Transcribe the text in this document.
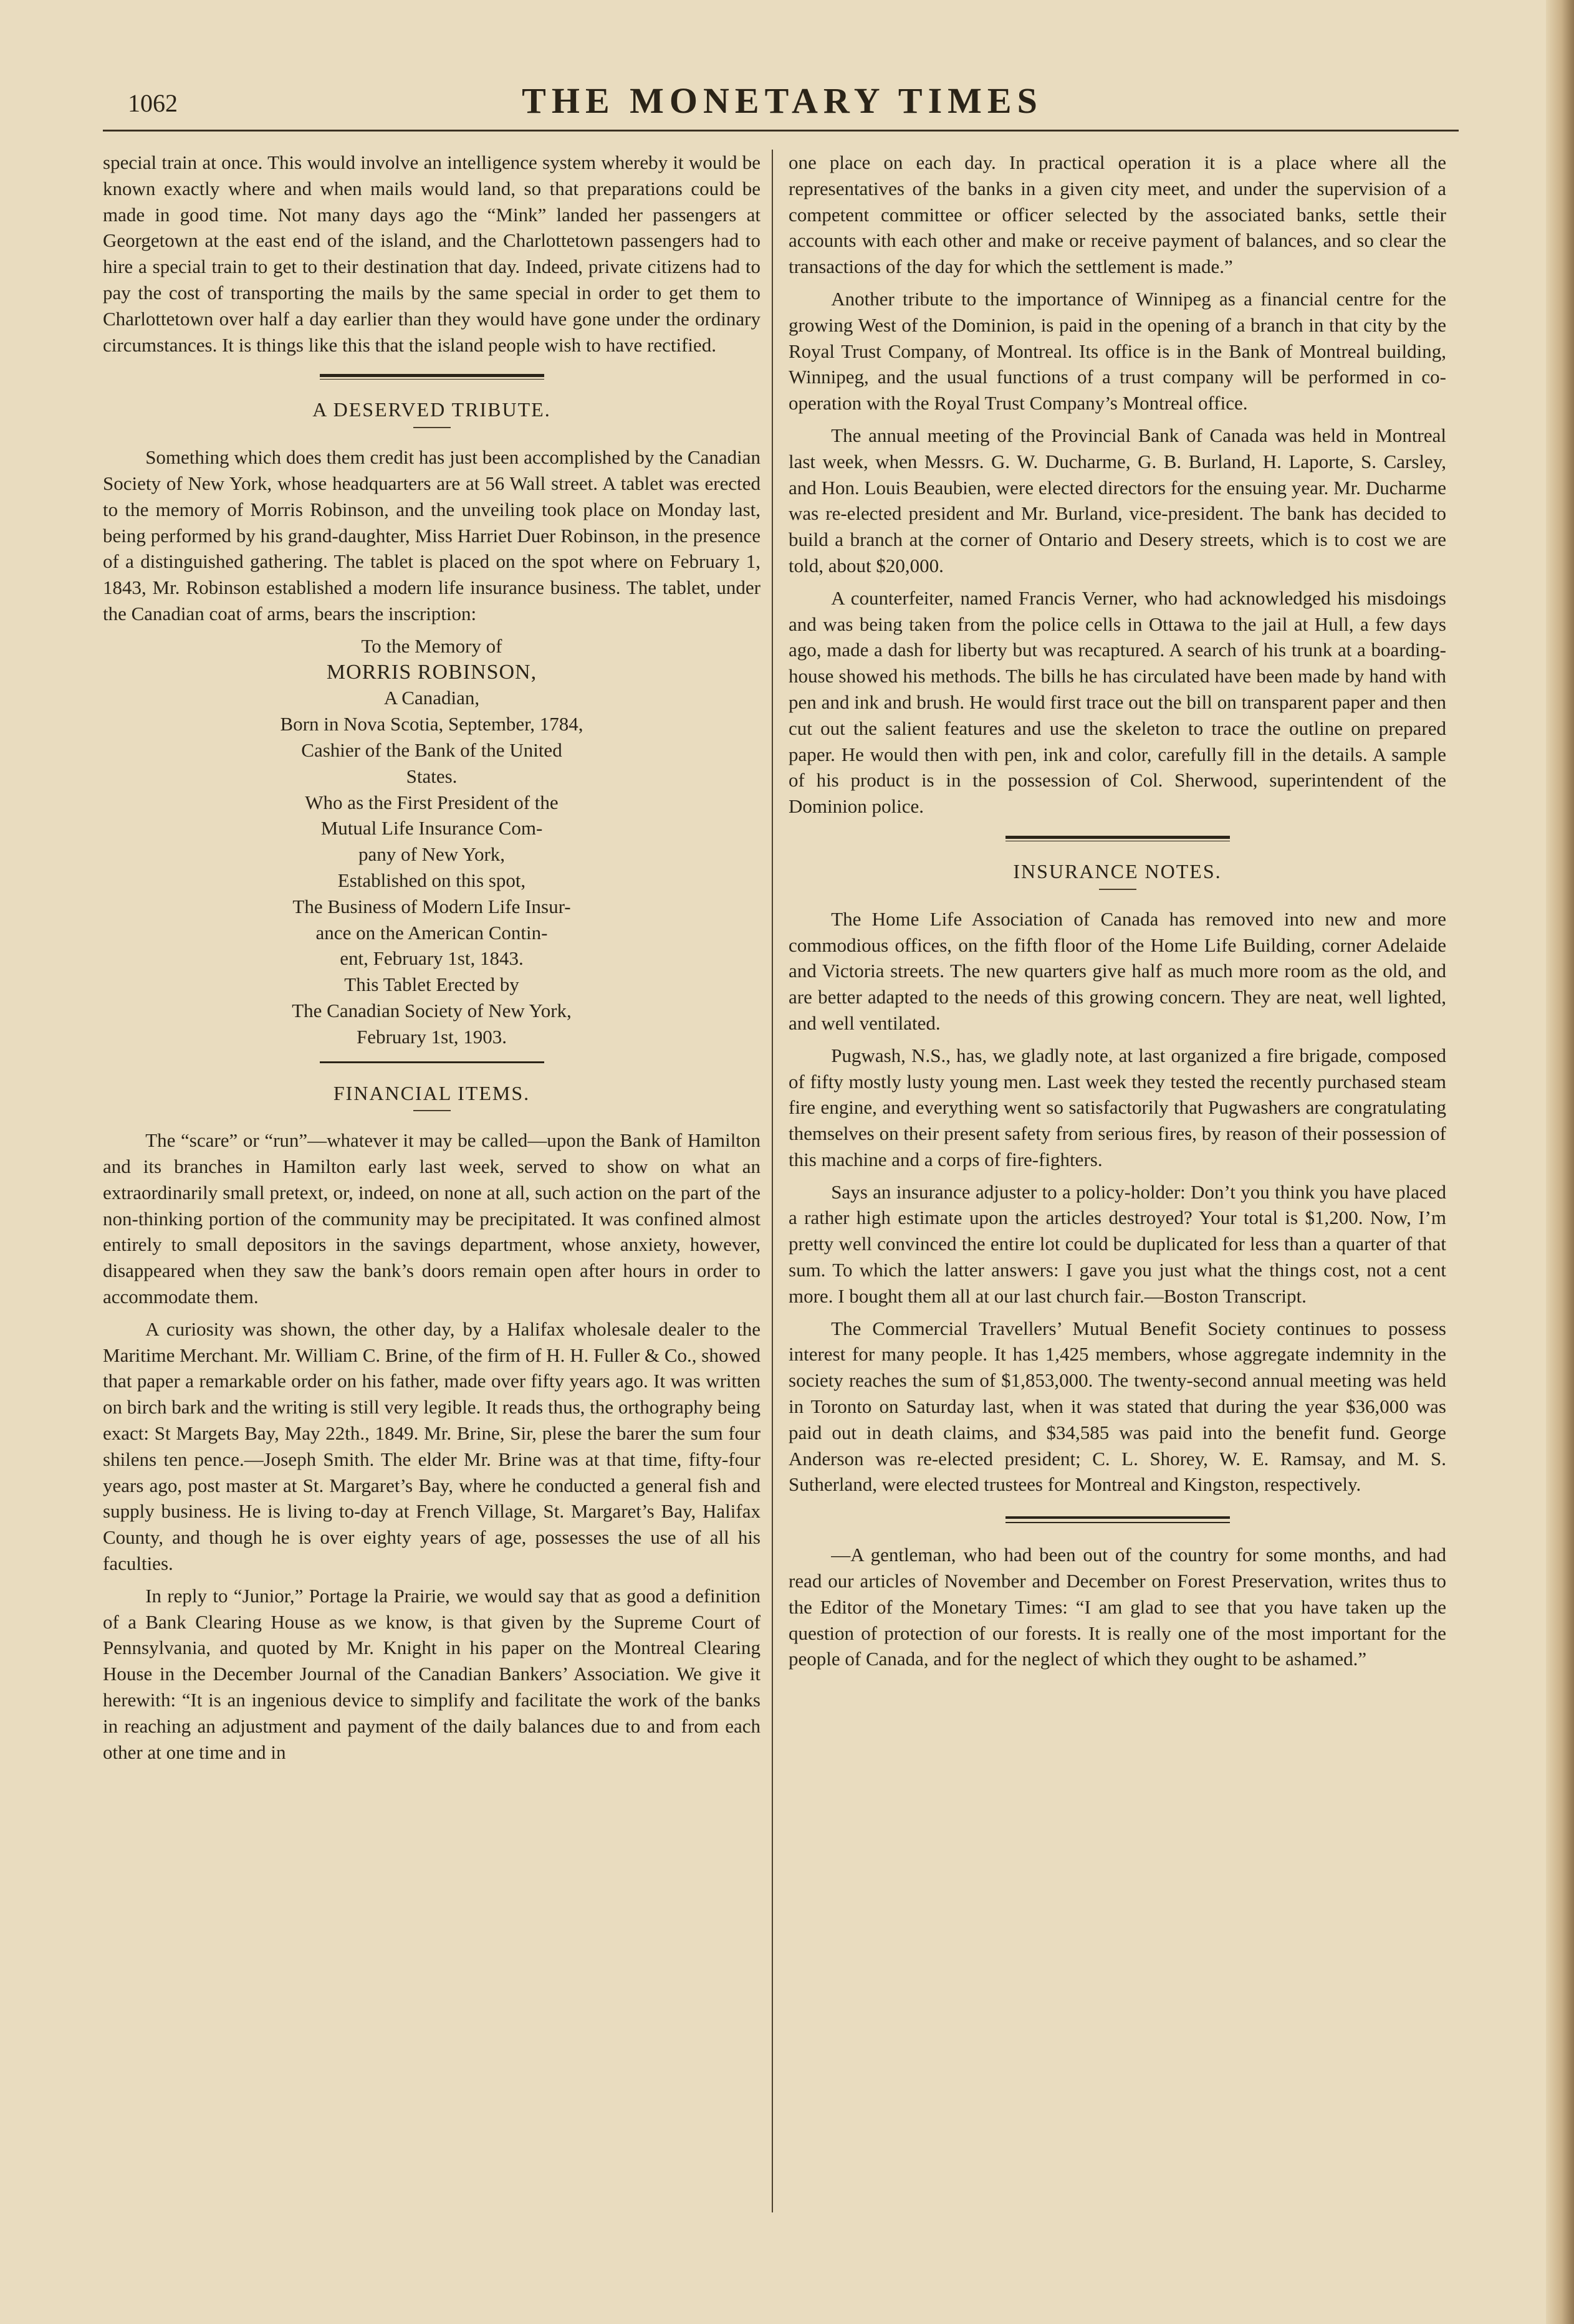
1062	THE MONETARY TIMES

special train at once. This would involve an intelligence system whereby it would be known exactly where and when mails would land, so that preparations could be made in good time. Not many days ago the “Mink” landed her passengers at Georgetown at the east end of the island, and the Charlottetown passengers had to hire a special train to get to their destination that day. Indeed, private citizens had to pay the cost of transporting the mails by the same special in order to get them to Charlottetown over half a day earlier than they would have gone under the ordinary circumstances. It is things like this that the island people wish to have rectified.

A DESERVED TRIBUTE.

Something which does them credit has just been accomplished by the Canadian Society of New York, whose headquarters are at 56 Wall street. A tablet was erected to the memory of Morris Robinson, and the unveiling took place on Monday last, being performed by his grand-daughter, Miss Harriet Duer Robinson, in the presence of a distinguished gathering. The tablet is placed on the spot where on February 1, 1843, Mr. Robinson established a modern life insurance business. The tablet, under the Canadian coat of arms, bears the inscription:

To the Memory of
MORRIS ROBINSON,
A Canadian,
Born in Nova Scotia, September, 1784,
Cashier of the Bank of the United
States.
Who as the First President of the
Mutual Life Insurance Com-
pany of New York,
Established on this spot,
The Business of Modern Life Insur-
ance on the American Contin-
ent, February 1st, 1843.
This Tablet Erected by
The Canadian Society of New York,
February 1st, 1903.
FINANCIAL ITEMS.

The “scare” or “run”—whatever it may be called—upon the Bank of Hamilton and its branches in Hamilton early last week, served to show on what an extraordinarily small pretext, or, indeed, on none at all, such action on the part of the non-thinking portion of the community may be precipitated. It was confined almost entirely to small depositors in the savings department, whose anxiety, however, disappeared when they saw the bank’s doors remain open after hours in order to accommodate them.

A curiosity was shown, the other day, by a Halifax wholesale dealer to the Maritime Merchant. Mr. William C. Brine, of the firm of H. H. Fuller & Co., showed that paper a remarkable order on his father, made over fifty years ago. It was written on birch bark and the writing is still very legible. It reads thus, the orthography being exact: St Margets Bay, May 22th., 1849. Mr. Brine, Sir, plese the barer the sum four shilens ten pence.—Joseph Smith. The elder Mr. Brine was at that time, fifty-four years ago, post master at St. Margaret’s Bay, where he conducted a general fish and supply business. He is living to-day at French Village, St. Margaret’s Bay, Halifax County, and though he is over eighty years of age, possesses the use of all his faculties.

In reply to “Junior,” Portage la Prairie, we would say that as good a definition of a Bank Clearing House as we know, is that given by the Supreme Court of Pennsylvania, and quoted by Mr. Knight in his paper on the Montreal Clearing House in the December Journal of the Canadian Bankers’ Association. We give it herewith: “It is an ingenious device to simplify and facilitate the work of the banks in reaching an adjustment and payment of the daily balances due to and from each other at one time and in

one place on each day. In practical operation it is a place where all the representatives of the banks in a given city meet, and under the supervision of a competent committee or officer selected by the associated banks, settle their accounts with each other and make or receive payment of balances, and so clear the transactions of the day for which the settlement is made.”

Another tribute to the importance of Winnipeg as a financial centre for the growing West of the Dominion, is paid in the opening of a branch in that city by the Royal Trust Company, of Montreal. Its office is in the Bank of Montreal building, Winnipeg, and the usual functions of a trust company will be performed in co-operation with the Royal Trust Company’s Montreal office.

The annual meeting of the Provincial Bank of Canada was held in Montreal last week, when Messrs. G. W. Ducharme, G. B. Burland, H. Laporte, S. Carsley, and Hon. Louis Beaubien, were elected directors for the ensuing year. Mr. Ducharme was re-elected president and Mr. Burland, vice-president. The bank has decided to build a branch at the corner of Ontario and Desery streets, which is to cost we are told, about $20,000.

A counterfeiter, named Francis Verner, who had acknowledged his misdoings and was being taken from the police cells in Ottawa to the jail at Hull, a few days ago, made a dash for liberty but was recaptured. A search of his trunk at a boarding-house showed his methods. The bills he has circulated have been made by hand with pen and ink and brush. He would first trace out the bill on transparent paper and then cut out the salient features and use the skeleton to trace the outline on prepared paper. He would then with pen, ink and color, carefully fill in the details. A sample of his product is in the possession of Col. Sherwood, superintendent of the Dominion police.

INSURANCE NOTES.

The Home Life Association of Canada has removed into new and more commodious offices, on the fifth floor of the Home Life Building, corner Adelaide and Victoria streets. The new quarters give half as much more room as the old, and are better adapted to the needs of this growing concern. They are neat, well lighted, and well ventilated.

Pugwash, N.S., has, we gladly note, at last organized a fire brigade, composed of fifty mostly lusty young men. Last week they tested the recently purchased steam fire engine, and everything went so satisfactorily that Pugwashers are congratulating themselves on their present safety from serious fires, by reason of their possession of this machine and a corps of fire-fighters.

Says an insurance adjuster to a policy-holder: Don’t you think you have placed a rather high estimate upon the articles destroyed? Your total is $1,200. Now, I’m pretty well convinced the entire lot could be duplicated for less than a quarter of that sum. To which the latter answers: I gave you just what the things cost, not a cent more. I bought them all at our last church fair.—Boston Transcript.

The Commercial Travellers’ Mutual Benefit Society continues to possess interest for many people. It has 1,425 members, whose aggregate indemnity in the society reaches the sum of $1,853,000. The twenty-second annual meeting was held in Toronto on Saturday last, when it was stated that during the year $36,000 was paid out in death claims, and $34,585 was paid into the benefit fund. George Anderson was re-elected president; C. L. Shorey, W. E. Ramsay, and M. S. Sutherland, were elected trustees for Montreal and Kingston, respectively.

—A gentleman, who had been out of the country for some months, and had read our articles of November and December on Forest Preservation, writes thus to the Editor of the Monetary Times: “I am glad to see that you have taken up the question of protection of our forests. It is really one of the most important for the people of Canada, and for the neglect of which they ought to be ashamed.”
